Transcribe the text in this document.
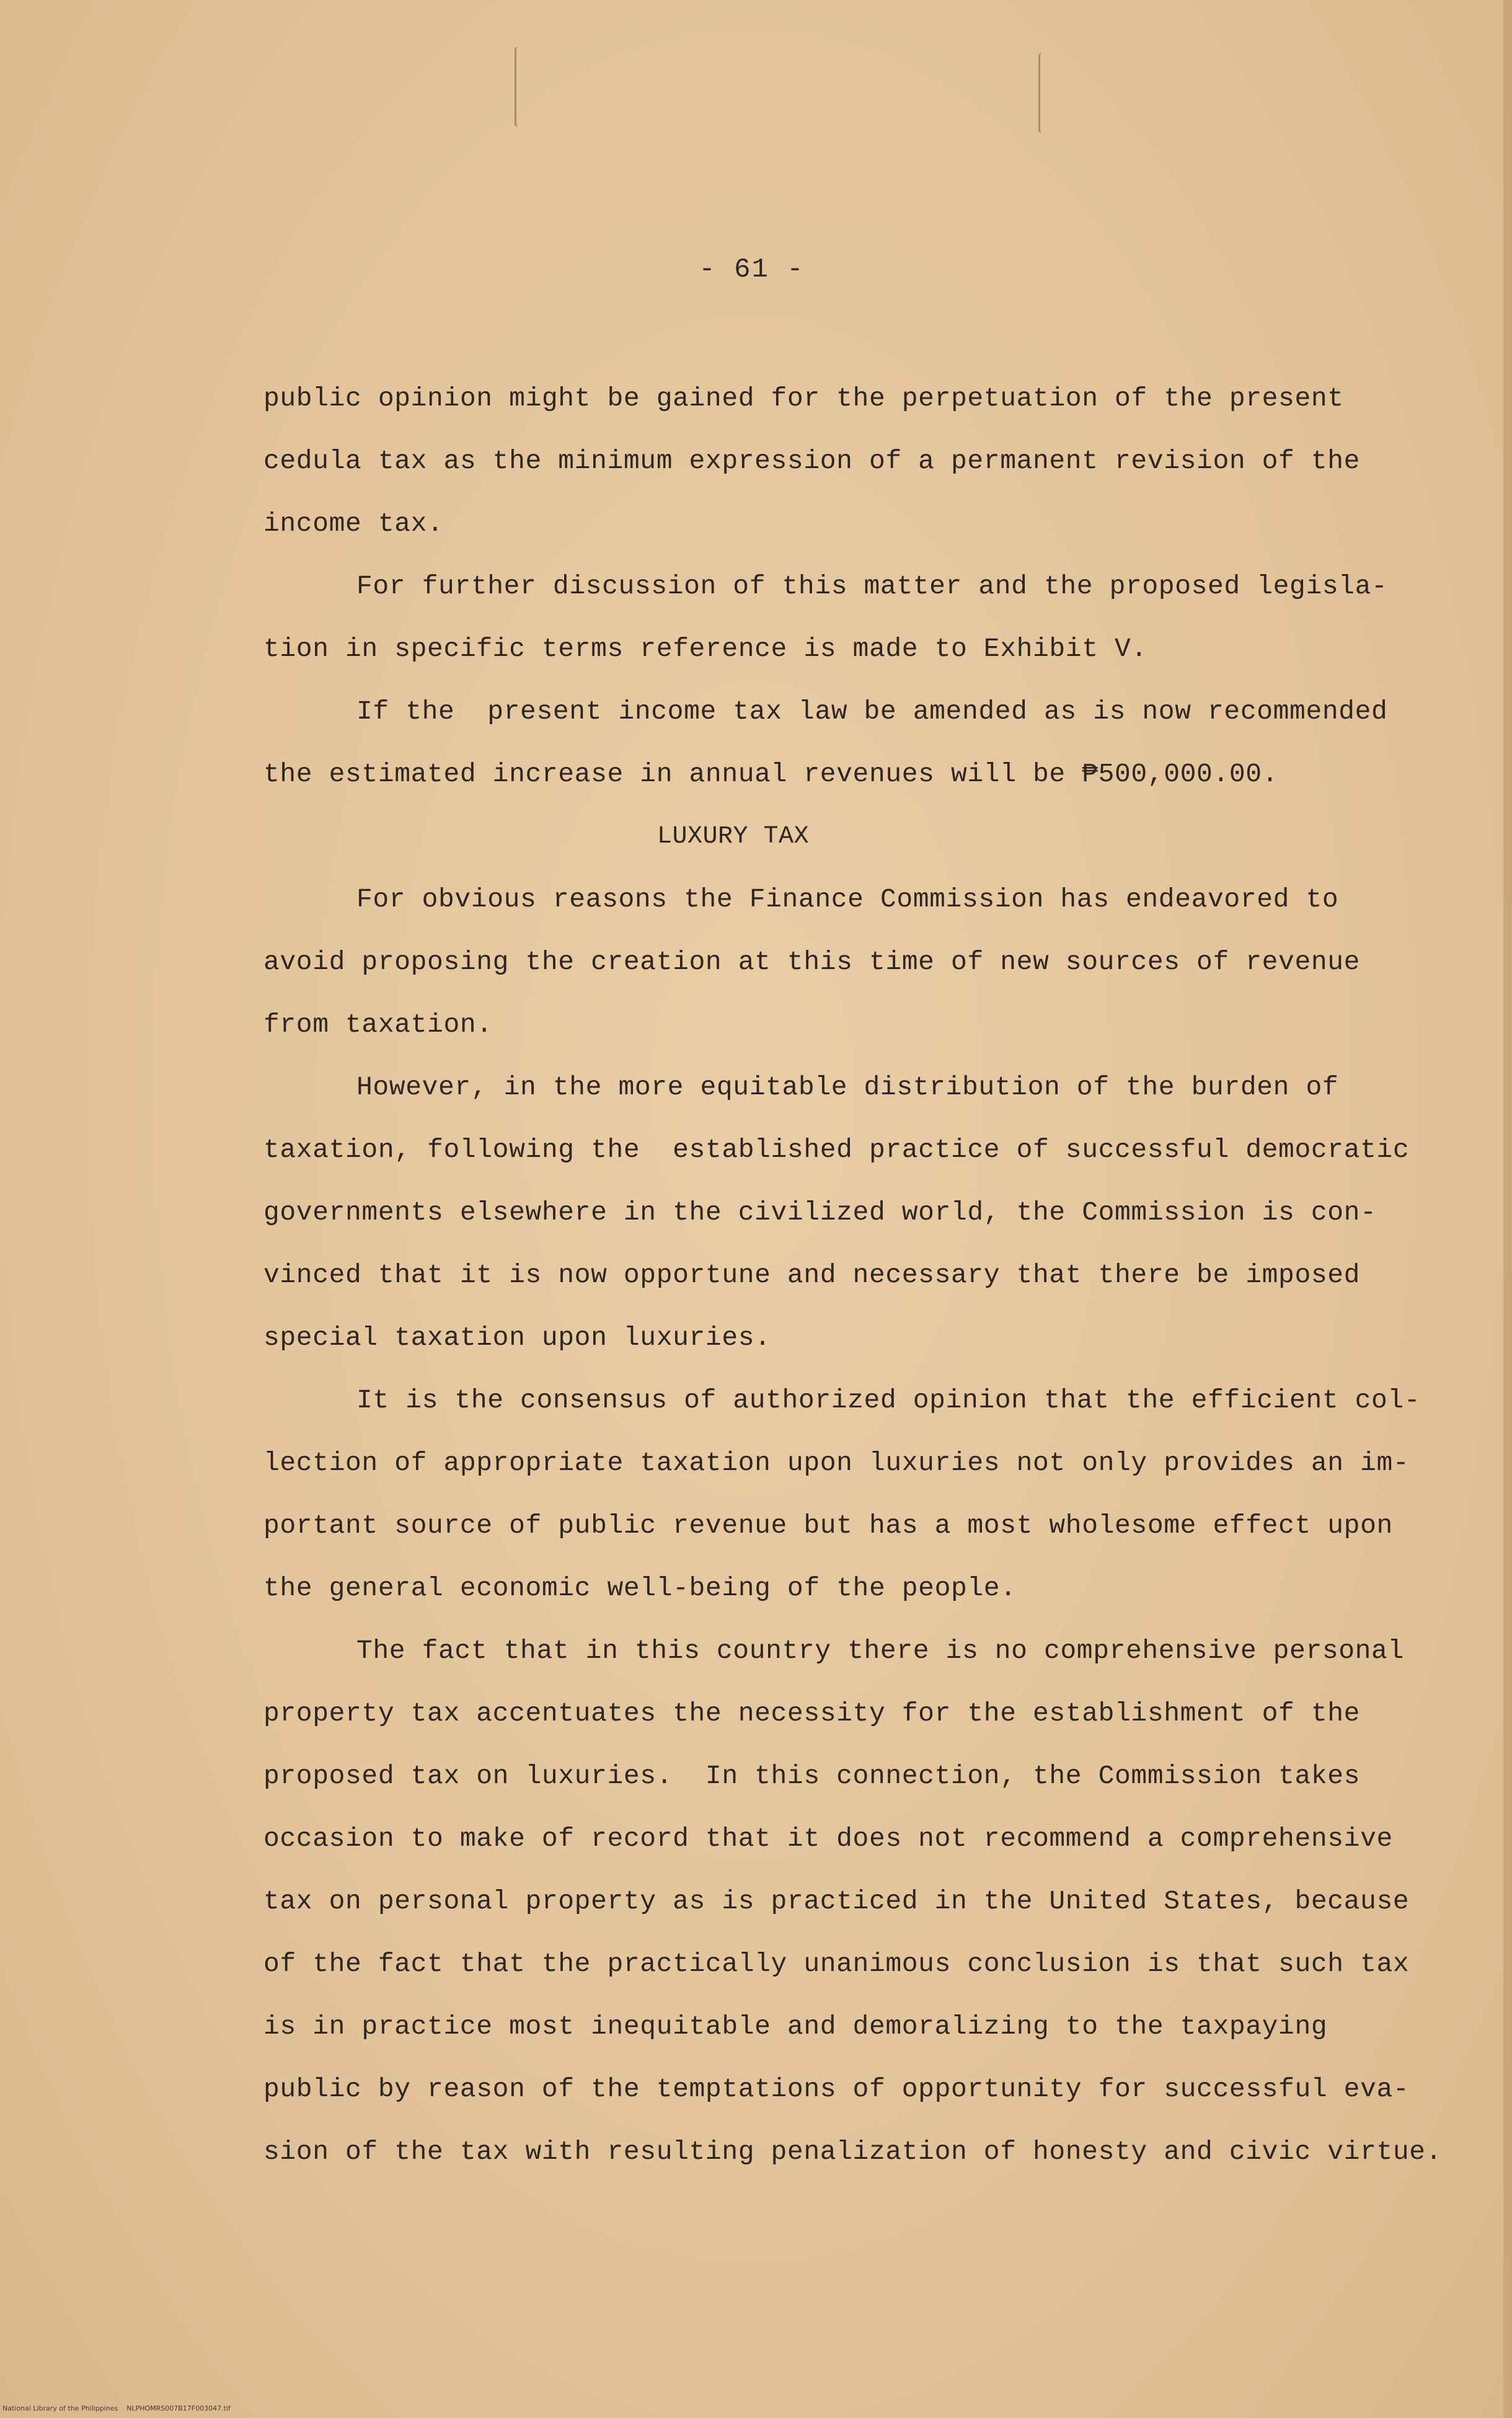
- 61 -
public opinion might be gained for the perpetuation of the present
cedula tax as the minimum expression of a permanent revision of the
income tax.
For further discussion of this matter and the proposed legisla-
tion in specific terms reference is made to Exhibit V.
If the  present income tax law be amended as is now recommended
the estimated increase in annual revenues will be ₱500,000.00.
LUXURY TAX
For obvious reasons the Finance Commission has endeavored to
avoid proposing the creation at this time of new sources of revenue
from taxation.
However, in the more equitable distribution of the burden of
taxation, following the  established practice of successful democratic
governments elsewhere in the civilized world, the Commission is con-
vinced that it is now opportune and necessary that there be imposed
special taxation upon luxuries.
It is the consensus of authorized opinion that the efficient col-
lection of appropriate taxation upon luxuries not only provides an im-
portant source of public revenue but has a most wholesome effect upon
the general economic well-being of the people.
The fact that in this country there is no comprehensive personal
property tax accentuates the necessity for the establishment of the
proposed tax on luxuries.  In this connection, the Commission takes
occasion to make of record that it does not recommend a comprehensive
tax on personal property as is practiced in the United States, because
of the fact that the practically unanimous conclusion is that such tax
is in practice most inequitable and demoralizing to the taxpaying
public by reason of the temptations of opportunity for successful eva-
sion of the tax with resulting penalization of honesty and civic virtue.
National Library of the Philippines NLPHOMRS007B17F003047.tif
